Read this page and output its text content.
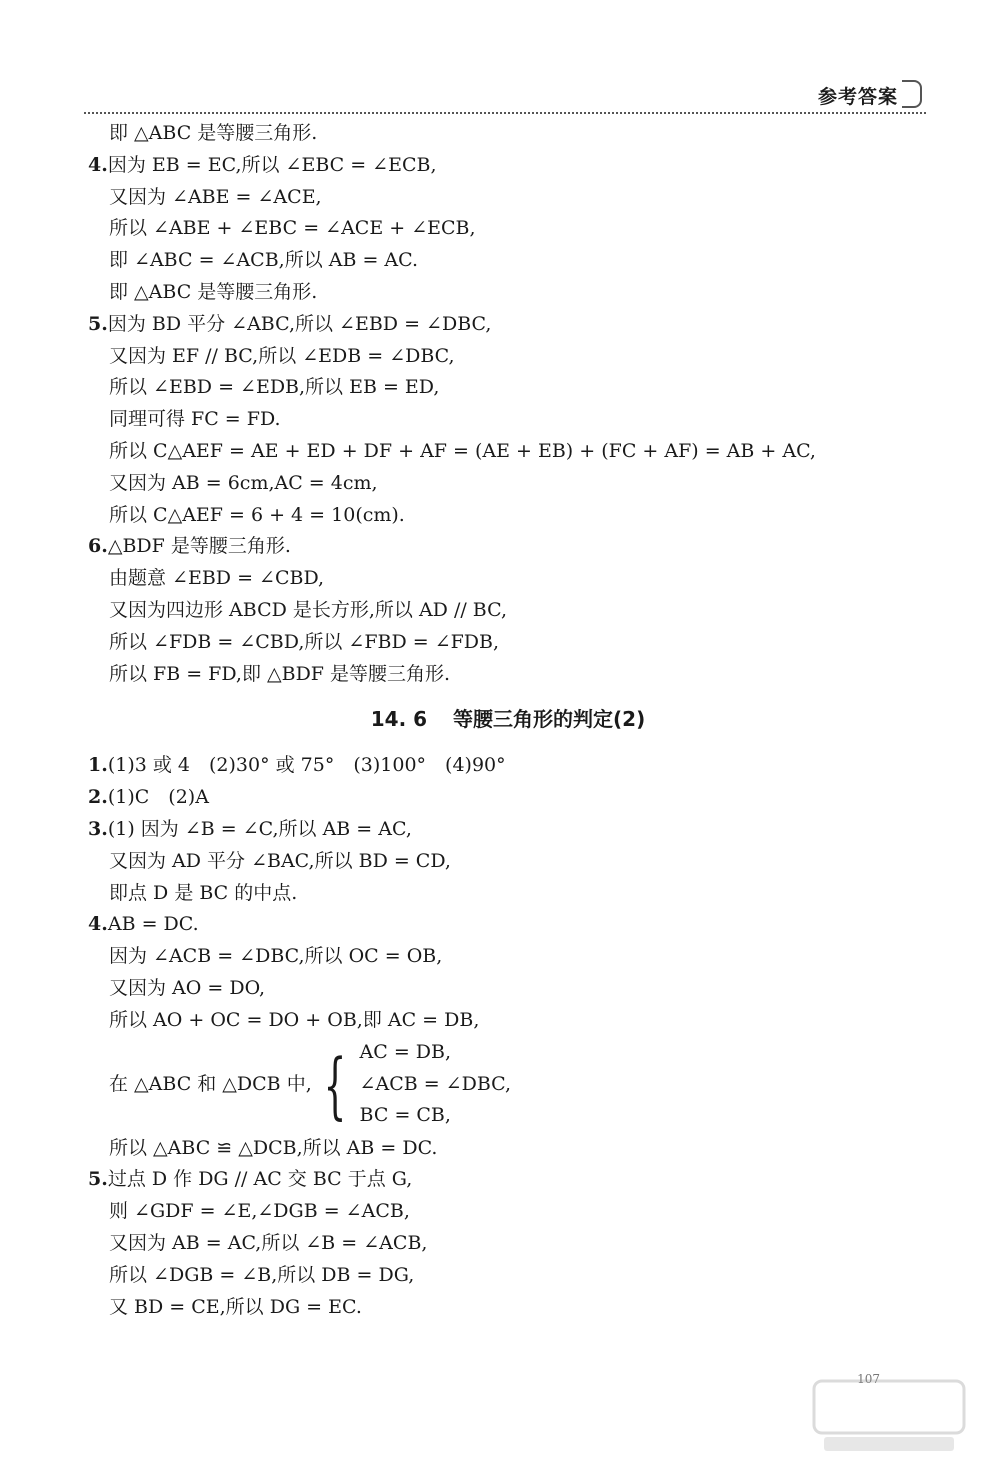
参考答案
即 △ABC 是等腰三角形.
4.因为 EB = EC,所以 ∠EBC = ∠ECB,
又因为 ∠ABE = ∠ACE,
所以 ∠ABE + ∠EBC = ∠ACE + ∠ECB,
即 ∠ABC = ∠ACB,所以 AB = AC.
即 △ABC 是等腰三角形.
5.因为 BD 平分 ∠ABC,所以 ∠EBD = ∠DBC,
又因为 EF // BC,所以 ∠EDB = ∠DBC,
所以 ∠EBD = ∠EDB,所以 EB = ED,
同理可得 FC = FD.
所以 C△AEF = AE + ED + DF + AF = (AE + EB) + (FC + AF) = AB + AC,
又因为 AB = 6cm,AC = 4cm,
所以 C△AEF = 6 + 4 = 10(cm).
6.△BDF 是等腰三角形.
由题意 ∠EBD = ∠CBD,
又因为四边形 ABCD 是长方形,所以 AD // BC,
所以 ∠FDB = ∠CBD,所以 ∠FBD = ∠FDB,
所以 FB = FD,即 △BDF 是等腰三角形.
14. 6 等腰三角形的判定(2)
1.(1)3 或 4　(2)30° 或 75°　(3)100°　(4)90°
2.(1)C　(2)A
3.(1) 因为 ∠B = ∠C,所以 AB = AC,
又因为 AD 平分 ∠BAC,所以 BD = CD,
即点 D 是 BC 的中点.
4.AB = DC.
因为 ∠ACB = ∠DBC,所以 OC = OB,
又因为 AO = DO,
所以 AO + OC = DO + OB,即 AC = DB,
在 △ABC 和 △DCB 中, { AC = DB,
∠ACB = ∠DBC,
BC = CB,
所以 △ABC ≌ △DCB,所以 AB = DC.
5.过点 D 作 DG // AC 交 BC 于点 G,
则 ∠GDF = ∠E,∠DGB = ∠ACB,
又因为 AB = AC,所以 ∠B = ∠ACB,
所以 ∠DGB = ∠B,所以 DB = DG,
又 BD = CE,所以 DG = EC.
107
